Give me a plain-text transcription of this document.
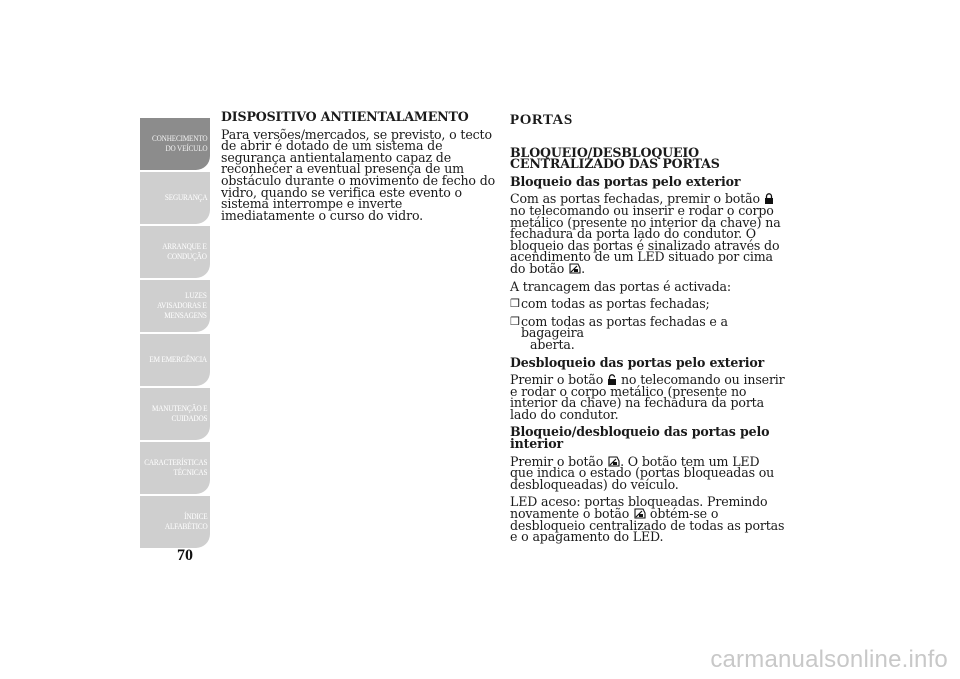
CONHECIMENTO
DO VEÍCULO
SEGURANÇA
ARRANQUE E
CONDUÇÃO
LUZES
AVISADORAS E
MENSAGENS
EM EMERGÊNCIA
MANUTENÇÃO E
CUIDADOS
CARACTERÍSTICAS
TÉCNICAS
ÍNDICE
ALFABÉTICO
70

DISPOSITIVO ANTIENTALAMENTO

Para versões/mercados, se previsto, o tecto de abrir é dotado de um sistema de segurança antientalamento capaz de reconhecer a eventual presença de um obstáculo durante o movimento de fecho do vidro, quando se verifica este evento o sistema interrompe e inverte imediatamente o curso do vidro.

PORTAS

BLOQUEIO/DESBLOQUEIO CENTRALIZADO DAS PORTAS

Bloqueio das portas pelo exterior

Com as portas fechadas, premir o botão  no telecomando ou inserir e rodar o corpo metálico (presente no interior da chave) na fechadura da porta lado do condutor. O bloqueio das portas é sinalizado através do acendimento de um LED situado por cima do botão .

A trancagem das portas é activada:

❒ com todas as portas fechadas;
❒ com todas as portas fechadas e a bagageira
aberta.

Desbloqueio das portas pelo exterior

Premir o botão no telecomando ou inserir e rodar o corpo metálico (presente no interior da chave) na fechadura da porta lado do condutor.

Bloqueio/desbloqueio das portas pelo interior

Premir o botão . O botão tem um LED que indica o estado (portas bloqueadas ou desbloqueadas) do veículo.

LED aceso: portas bloqueadas. Premindo novamente o botão obtém-se o desbloqueio centralizado de todas as portas e o apagamento do LED.

carmanualsonline.info
